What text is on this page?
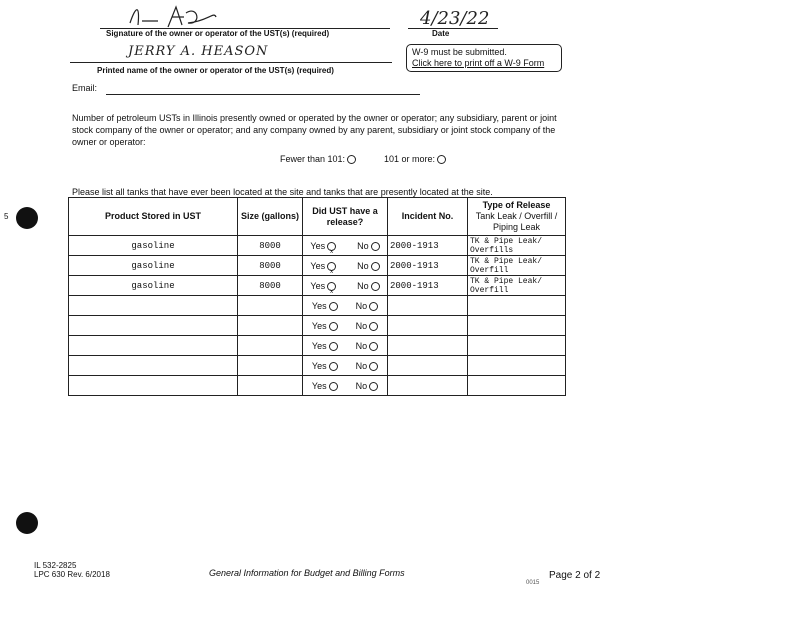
Signature of the owner or operator of the UST(s) (required)
4/23/22
Date
JERRY A. HEASON
Printed name of the owner or operator of the UST(s) (required)
W-9 must be submitted.
Click here to print off a W-9 Form
Email:
Number of petroleum USTs in Illinois presently owned or operated by the owner or operator; any subsidiary, parent or joint stock company of the owner or operator; and any company owned by any parent, subsidiary or joint stock company of the owner or operator:
Fewer than 101:	101 or more:
Please list all tanks that have ever been located at the site and tanks that are presently located at the site.
Product Stored in UST	Size (gallons)	Did UST have a release?	Incident No.	Type of Release
Tank Leak / Overfill /
Piping Leak

gasoline	8000	Yes$_x$No	2000-1913	TK & Pipe Leak/
Overfills

gasoline	8000	Yes$_x$No	2000-1913	TK & Pipe Leak/
Overfill

gasoline	8000	Yes$_x$No	2000-1913	TK & Pipe Leak/
Overfill

		Yes No		
		Yes No		
		Yes No		
		Yes No		
		Yes No		
5
IL 532-2825
LPC 630 Rev. 6/2018	General Information for Budget and Billing Forms	Page 2 of 2
0015
